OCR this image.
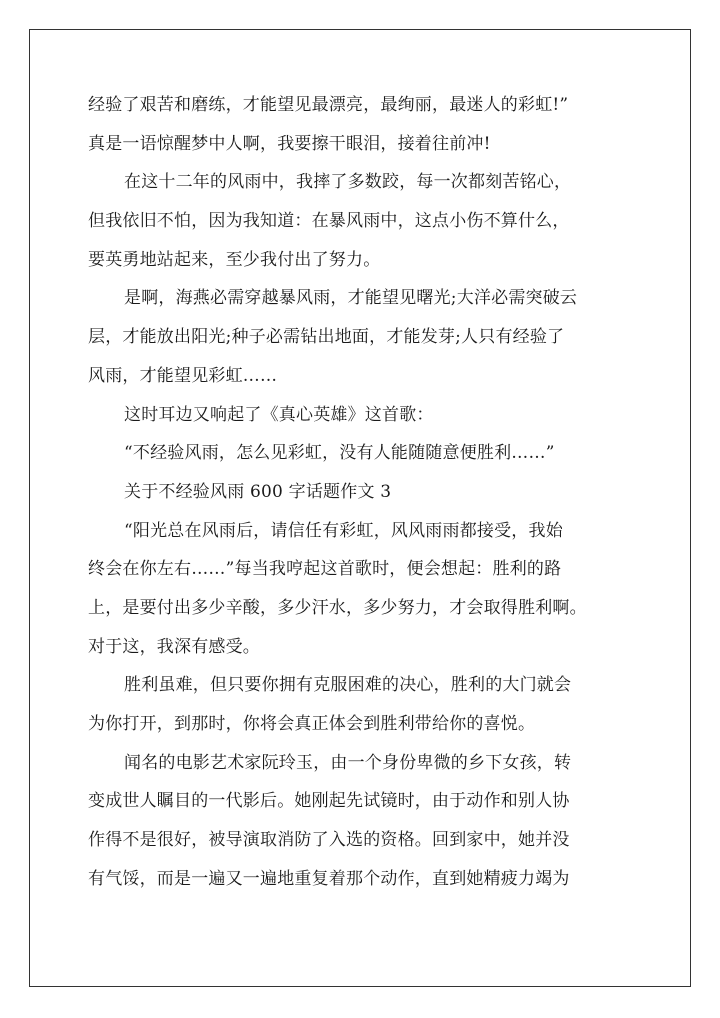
经验了艰苦和磨练，才能望见最漂亮，最绚丽，最迷人的彩虹!”
真是一语惊醒梦中人啊，我要擦干眼泪，接着往前冲!
在这十二年的风雨中，我摔了多数跤，每一次都刻苦铭心，
但我依旧不怕，因为我知道：在暴风雨中，这点小伤不算什么，
要英勇地站起来，至少我付出了努力。
是啊，海燕必需穿越暴风雨，才能望见曙光;大洋必需突破云
层，才能放出阳光;种子必需钻出地面，才能发芽;人只有经验了
风雨，才能望见彩虹……
这时耳边又响起了《真心英雄》这首歌：
“不经验风雨，怎么见彩虹，没有人能随随意便胜利……”
关于不经验风雨 600 字话题作文 3
“阳光总在风雨后，请信任有彩虹，风风雨雨都接受，我始
终会在你左右……”每当我哼起这首歌时，便会想起：胜利的路
上，是要付出多少辛酸，多少汗水，多少努力，才会取得胜利啊。
对于这，我深有感受。
胜利虽难，但只要你拥有克服困难的决心，胜利的大门就会
为你打开，到那时，你将会真正体会到胜利带给你的喜悦。
闻名的电影艺术家阮玲玉，由一个身份卑微的乡下女孩，转
变成世人瞩目的一代影后。她刚起先试镜时，由于动作和别人协
作得不是很好，被导演取消防了入选的资格。回到家中，她并没
有气馁，而是一遍又一遍地重复着那个动作，直到她精疲力竭为
